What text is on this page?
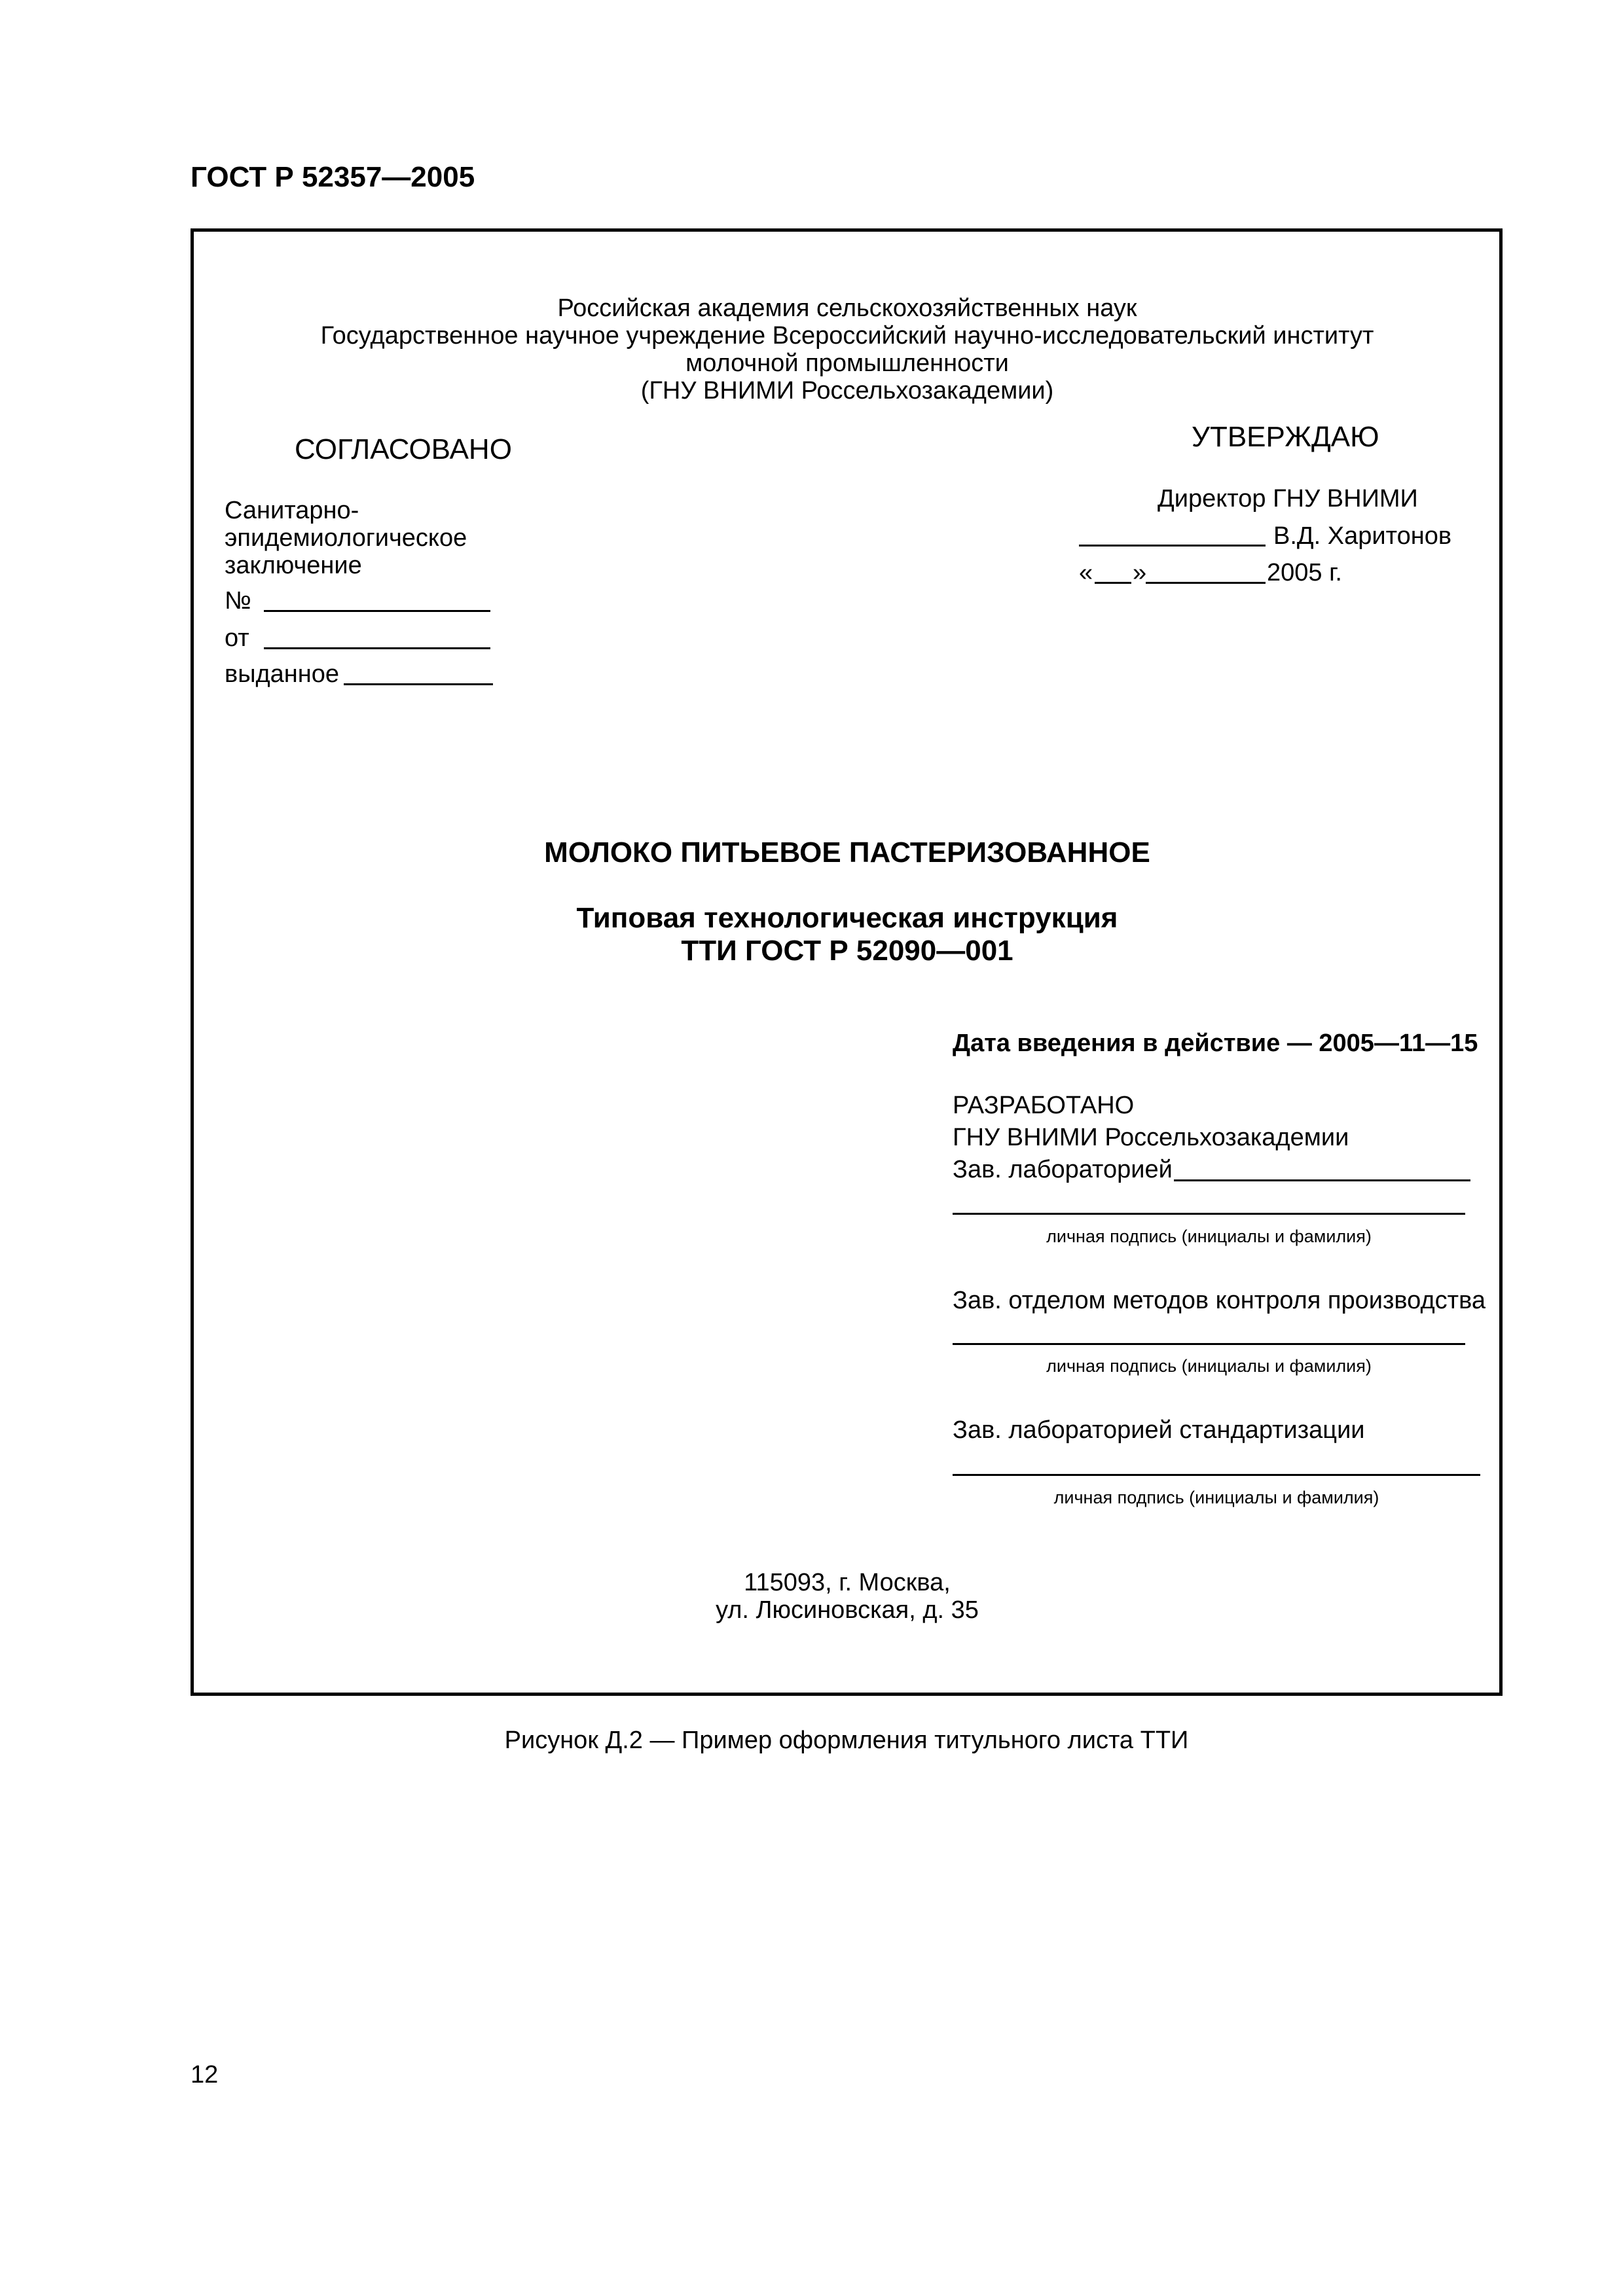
ГОСТ Р 52357—2005
Российская академия сельскохозяйственных наук
Государственное научное учреждение Всероссийский научно-исследовательский институт
молочной промышленности
(ГНУ ВНИМИ Россельхозакадемии)
СОГЛАСОВАНО
Санитарно-
эпидемиологическое
заключение
№
от
выданное
УТВЕРЖДАЮ
Директор ГНУ ВНИМИ
В.Д. Харитонов
« »	2005 г.
МОЛОКО ПИТЬЕВОЕ ПАСТЕРИЗОВАННОЕ
Типовая технологическая инструкция
ТТИ ГОСТ Р 52090—001
Дата введения в действие — 2005—11—15
РАЗРАБОТАНО
ГНУ ВНИМИ Россельхозакадемии
Зав. лабораторией
личная подпись (инициалы и фамилия)
Зав. отделом методов контроля производства
личная подпись (инициалы и фамилия)
Зав. лабораторией стандартизации
личная подпись (инициалы и фамилия)
115093, г. Москва,
ул. Люсиновская, д. 35
Рисунок Д.2 — Пример оформления титульного листа ТТИ
12
